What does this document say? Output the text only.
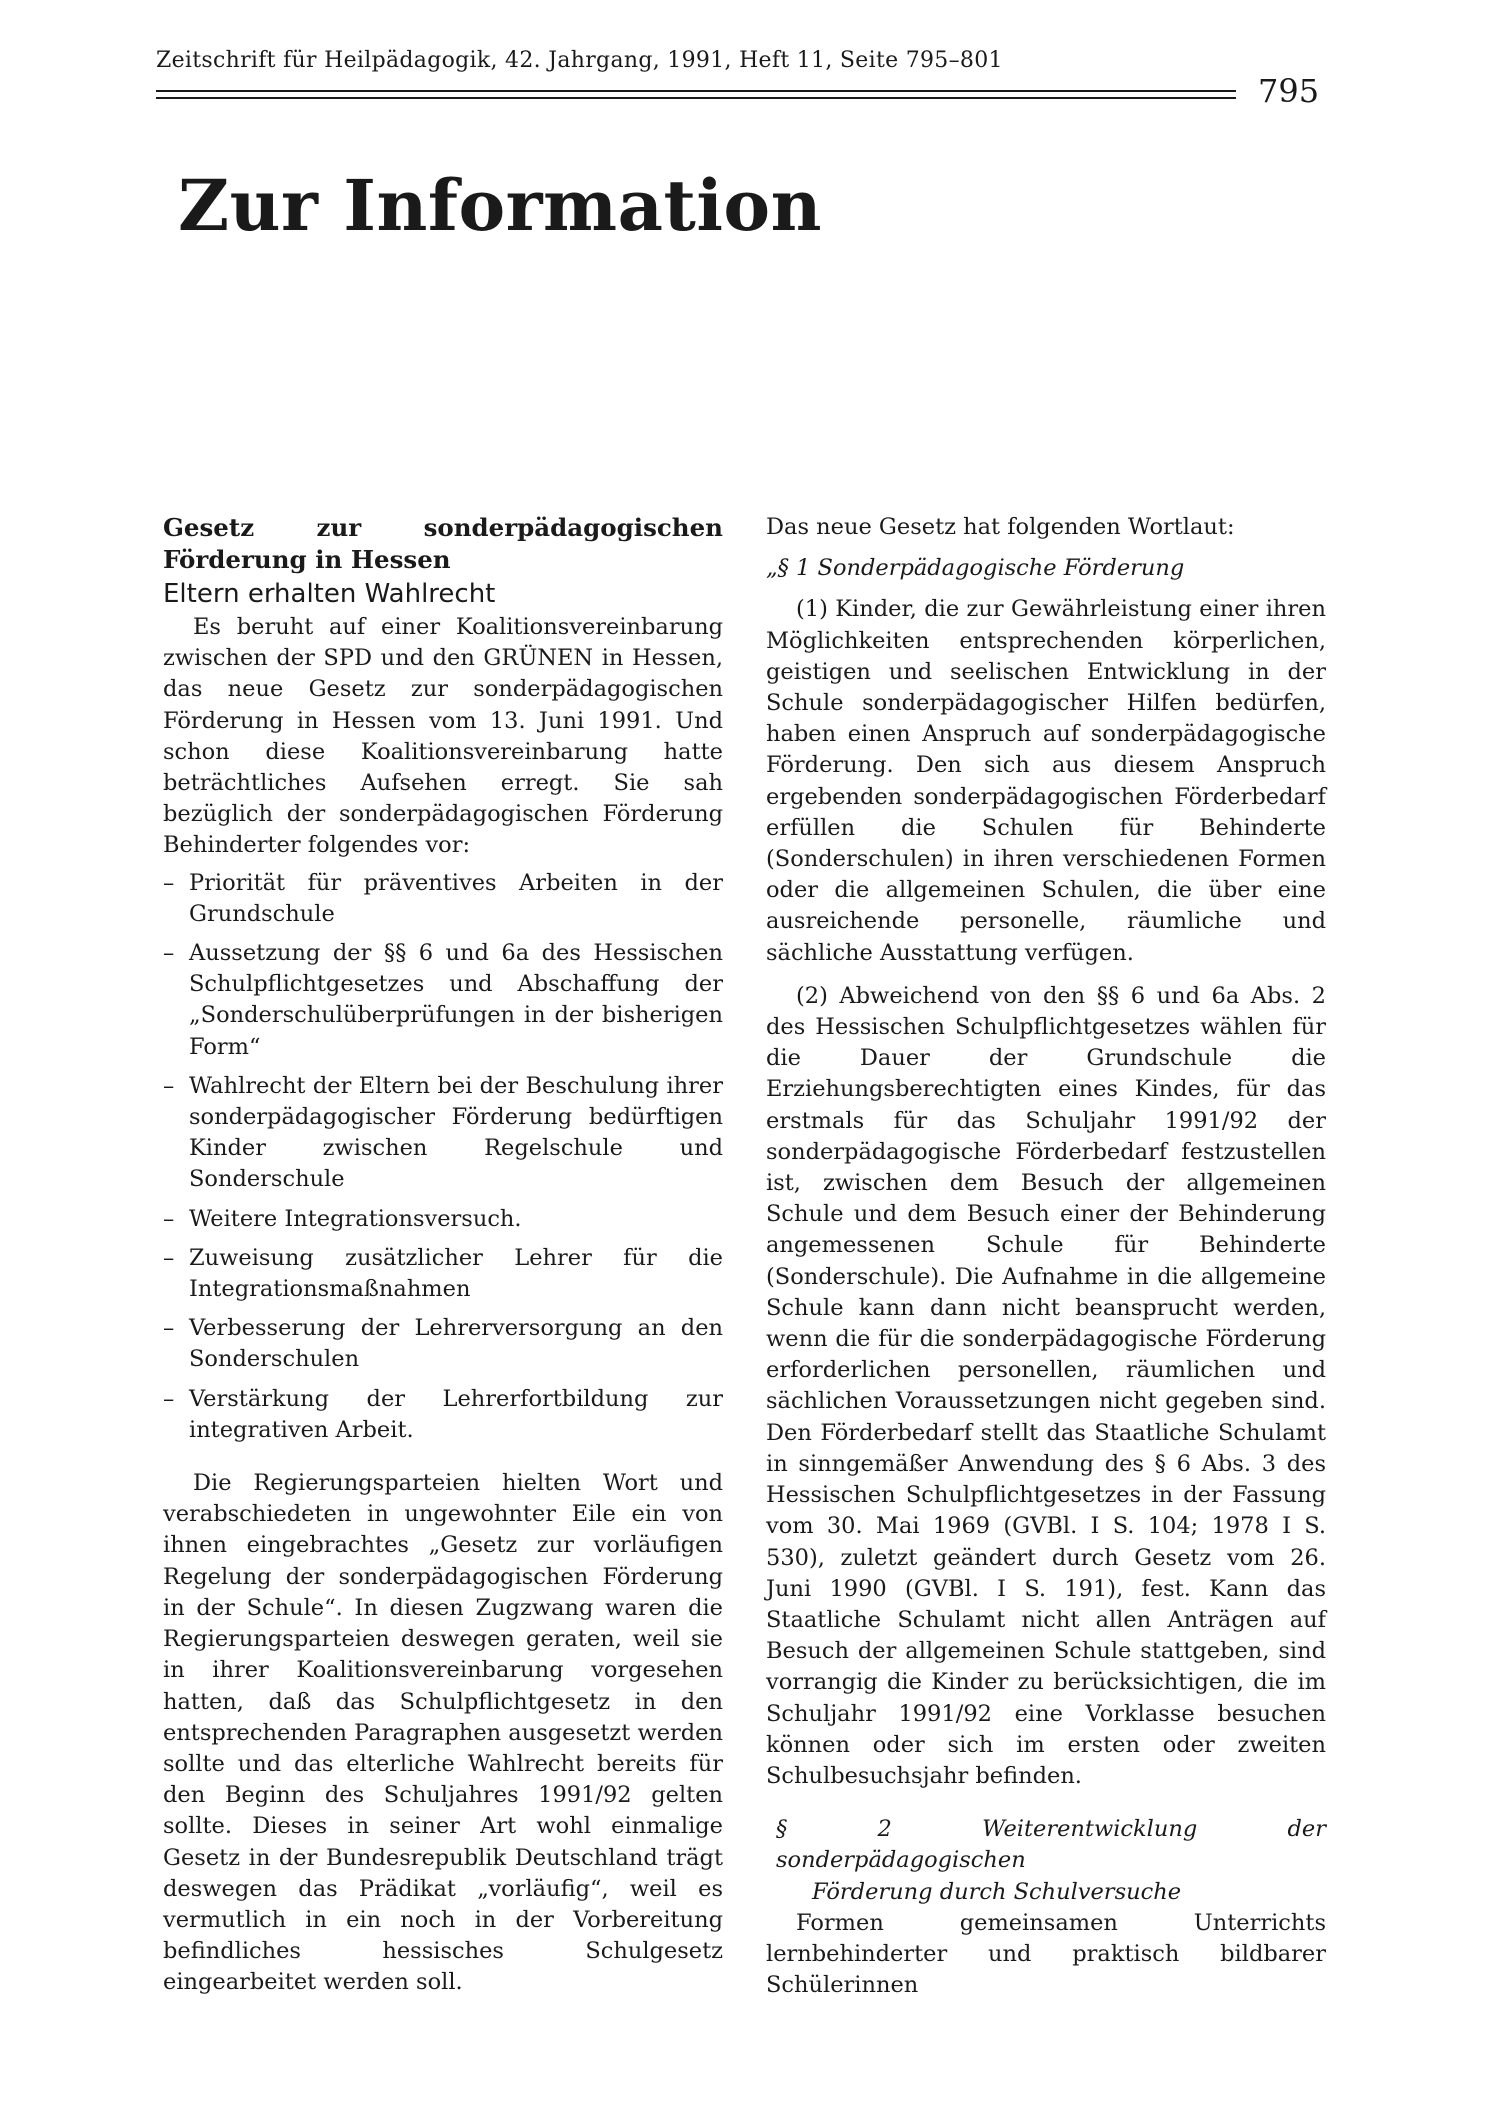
Zeitschrift für Heilpädagogik, 42. Jahrgang, 1991, Heft 11, Seite 795–801
795
Zur Information

Gesetz zur sonderpädagogischen Förderung in Hessen

Eltern erhalten Wahlrecht

Es beruht auf einer Koalitionsvereinbarung zwischen der SPD und den GRÜNEN in Hessen, das neue Gesetz zur sonderpädagogischen Förderung in Hessen vom 13. Juni 1991. Und schon diese Koalitionsvereinbarung hatte beträchtliches Aufsehen erregt. Sie sah bezüglich der sonderpädagogischen Förderung Behinderter folgendes vor:

– Priorität für präventives Arbeiten in der Grundschule
– Aussetzung der §§ 6 und 6a des Hessischen Schulpflichtgesetzes und Abschaffung der „Sonderschulüberprüfungen in der bisherigen Form“
– Wahlrecht der Eltern bei der Beschulung ihrer sonderpädagogischer Förderung bedürftigen Kinder zwischen Regelschule und Sonderschule
– Weitere Integrationsversuch.
– Zuweisung zusätzlicher Lehrer für die Integrationsmaßnahmen
– Verbesserung der Lehrerversorgung an den Sonderschulen
– Verstärkung der Lehrerfortbildung zur integrativen Arbeit.

Die Regierungsparteien hielten Wort und verabschiedeten in ungewohnter Eile ein von ihnen eingebrachtes „Gesetz zur vorläufigen Regelung der sonderpädagogischen Förderung in der Schule“. In diesen Zugzwang waren die Regierungsparteien deswegen geraten, weil sie in ihrer Koalitionsvereinbarung vorgesehen hatten, daß das Schulpflichtgesetz in den entsprechenden Paragraphen ausgesetzt werden sollte und das elterliche Wahlrecht bereits für den Beginn des Schuljahres 1991/92 gelten sollte. Dieses in seiner Art wohl einmalige Gesetz in der Bundesrepublik Deutschland trägt deswegen das Prädikat „vorläufig“, weil es vermutlich in ein noch in der Vorbereitung befindliches hessisches Schulgesetz eingearbeitet werden soll.

Das neue Gesetz hat folgenden Wortlaut:

„§ 1 Sonderpädagogische Förderung

(1) Kinder, die zur Gewährleistung einer ihren Möglichkeiten entsprechenden körperlichen, geistigen und seelischen Entwicklung in der Schule sonderpädagogischer Hilfen bedürfen, haben einen Anspruch auf sonderpädagogische Förderung. Den sich aus diesem Anspruch ergebenden sonderpädagogischen Förderbedarf erfüllen die Schulen für Behinderte (Sonderschulen) in ihren verschiedenen Formen oder die allgemeinen Schulen, die über eine ausreichende personelle, räumliche und sächliche Ausstattung verfügen.

(2) Abweichend von den §§ 6 und 6a Abs. 2 des Hessischen Schulpflichtgesetzes wählen für die Dauer der Grundschule die Erziehungsberechtigten eines Kindes, für das erstmals für das Schuljahr 1991/92 der sonderpädagogische Förderbedarf festzustellen ist, zwischen dem Besuch der allgemeinen Schule und dem Besuch einer der Behinderung angemessenen Schule für Behinderte (Sonderschule). Die Aufnahme in die allgemeine Schule kann dann nicht beansprucht werden, wenn die für die sonderpädagogische Förderung erforderlichen personellen, räumlichen und sächlichen Voraussetzungen nicht gegeben sind. Den Förderbedarf stellt das Staatliche Schulamt in sinngemäßer Anwendung des § 6 Abs. 3 des Hessischen Schulpflichtgesetzes in der Fassung vom 30. Mai 1969 (GVBl. I S. 104; 1978 I S. 530), zuletzt geändert durch Gesetz vom 26. Juni 1990 (GVBl. I S. 191), fest. Kann das Staatliche Schulamt nicht allen Anträgen auf Besuch der allgemeinen Schule stattgeben, sind vorrangig die Kinder zu berücksichtigen, die im Schuljahr 1991/92 eine Vorklasse besuchen können oder sich im ersten oder zweiten Schulbesuchsjahr befinden.

§ 2 Weiterentwicklung der sonderpädagogischen
Förderung durch Schulversuche

Formen gemeinsamen Unterrichts lernbehinderter und praktisch bildbarer Schülerinnen
